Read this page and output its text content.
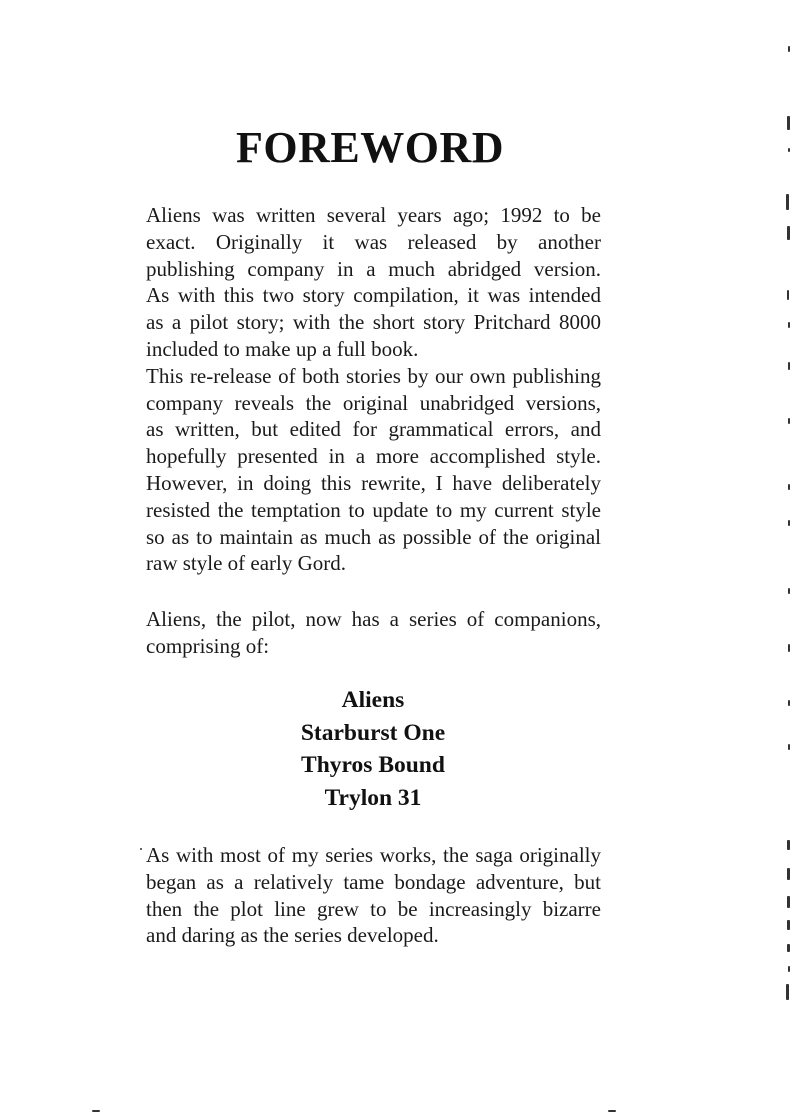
FOREWORD
Aliens was written several years ago; 1992 to be
exact. Originally it was released by another
publishing company in a much abridged version.
As with this two story compilation, it was intended
as a pilot story; with the short story Pritchard 8000
included to make up a full book.
This re-release of both stories by our own publishing
company reveals the original unabridged versions,
as written, but edited for grammatical errors, and
hopefully presented in a more accomplished style.
However, in doing this rewrite, I have deliberately
resisted the temptation to update to my current style
so as to maintain as much as possible of the original
raw style of early Gord.
Aliens, the pilot, now has a series of companions,
comprising of:
Aliens
Starburst One
Thyros Bound
Trylon 31
As with most of my series works, the saga originally
began as a relatively tame bondage adventure, but
then the plot line grew to be increasingly bizarre
and daring as the series developed.
